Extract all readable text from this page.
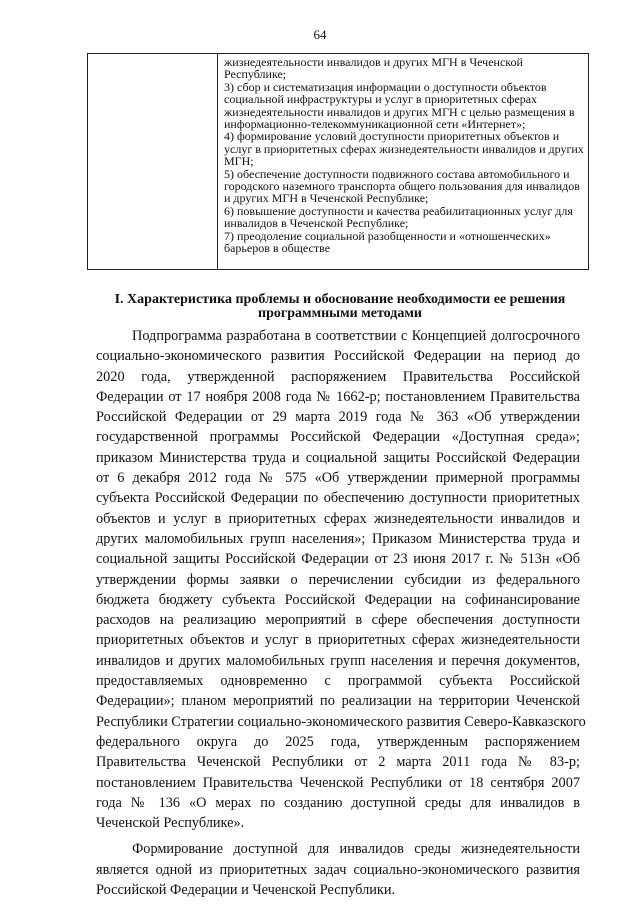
64
жизнедеятельности инвалидов и других МГН в Чеченской
Республике;
3) сбор и систематизация информации о доступности объектов
социальной инфраструктуры и услуг в приоритетных сферах
жизнедеятельности инвалидов и других МГН с целью размещения в
информационно-телекоммуникационной сети «Интернет»;
4) формирование условий доступности приоритетных объектов и
услуг в приоритетных сферах жизнедеятельности инвалидов и других
МГН;
5) обеспечение доступности подвижного состава автомобильного и
городского наземного транспорта общего пользования для инвалидов
и других МГН в Чеченской Республике;
6) повышение доступности и качества реабилитационных услуг для
инвалидов в Чеченской Республике;
7) преодоление социальной разобщенности и «отношенческих»
барьеров в обществе
I. Характеристика проблемы и обоснование необходимости ее решения
программными методами
Подпрограмма разработана в соответствии с Концепцией долгосрочного
социально-экономического развития Российской Федерации на период до
2020 года, утвержденной распоряжением Правительства Российской
Федерации от 17 ноября 2008 года № 1662-р; постановлением Правительства
Российской Федерации от 29 марта 2019 года № 363 «Об утверждении
государственной программы Российской Федерации «Доступная среда»;
приказом Министерства труда и социальной защиты Российской Федерации
от 6 декабря 2012 года № 575 «Об утверждении примерной программы
субъекта Российской Федерации по обеспечению доступности приоритетных
объектов и услуг в приоритетных сферах жизнедеятельности инвалидов и
других маломобильных групп населения»; Приказом Министерства труда и
социальной защиты Российской Федерации от 23 июня 2017 г. № 513н «Об
утверждении формы заявки о перечислении субсидии из федерального
бюджета бюджету субъекта Российской Федерации на софинансирование
расходов на реализацию мероприятий в сфере обеспечения доступности
приоритетных объектов и услуг в приоритетных сферах жизнедеятельности
инвалидов и других маломобильных групп населения и перечня документов,
предоставляемых одновременно с программой субъекта Российской
Федерации»; планом мероприятий по реализации на территории Чеченской
Республики Стратегии социально-экономического развития Северо-Кавказского
федерального округа до 2025 года, утвержденным распоряжением
Правительства Чеченской Республики от 2 марта 2011 года № 83-р;
постановлением Правительства Чеченской Республики от 18 сентября 2007
года № 136 «О мерах по созданию доступной среды для инвалидов в
Чеченской Республике».
Формирование доступной для инвалидов среды жизнедеятельности
является одной из приоритетных задач социально-экономического развития
Российской Федерации и Чеченской Республики.
